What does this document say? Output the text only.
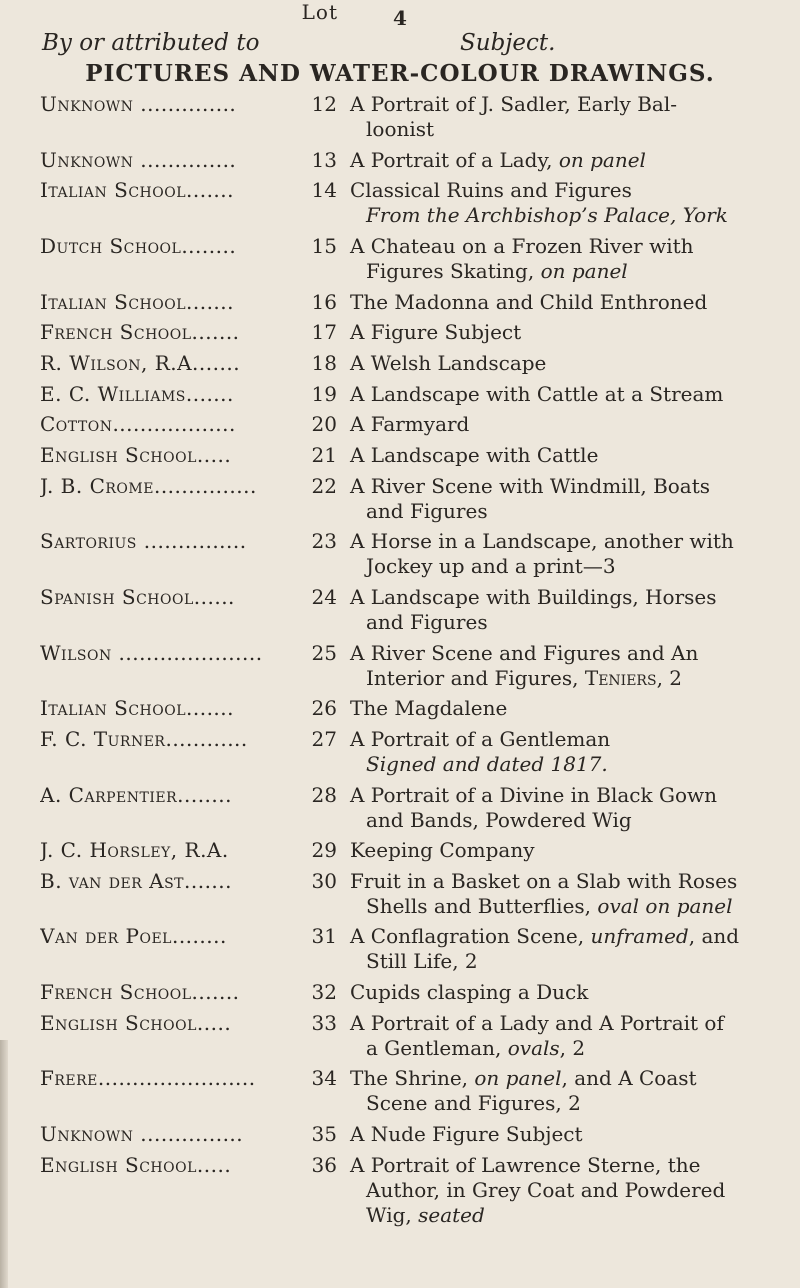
4
By or attributed to
Lot
Subject.
PICTURES AND WATER-COLOUR DRAWINGS.
Unknown ..............	12 A Portrait of J. Sadler, Early Bal-
loonist
Unknown ..............	13 A Portrait of a Lady, on panel
Italian School.......	14 Classical Ruins and Figures
From the Archbishop’s Palace, York
Dutch School........	15 A Chateau on a Frozen River with
Figures Skating, on panel
Italian School.......	16 The Madonna and Child Enthroned
French School.......	17 A Figure Subject
R. Wilson, R.A.......	18 A Welsh Landscape
E. C. Williams.......	19 A Landscape with Cattle at a Stream
Cotton..................	20 A Farmyard
English School.....	21 A Landscape with Cattle
J. B. Crome...............	22 A River Scene with Windmill, Boats
and Figures
Sartorius ...............	23 A Horse in a Landscape, another with
Jockey up and a print—3
Spanish School......	24 A Landscape with Buildings, Horses
and Figures
Wilson .....................	25 A River Scene and Figures and An
Interior and Figures, Teniers, 2
Italian School.......	26 The Magdalene
F. C. Turner............	27 A Portrait of a Gentleman
Signed and dated 1817.
A. Carpentier........	28 A Portrait of a Divine in Black Gown
and Bands, Powdered Wig
J. C. Horsley, R.A.	29 Keeping Company
B. van der Ast.......	30 Fruit in a Basket on a Slab with Roses
Shells and Butterflies, oval on panel
Van der Poel........	31 A Conflagration Scene, unframed, and
Still Life, 2
French School.......	32 Cupids clasping a Duck
English School.....	33 A Portrait of a Lady and A Portrait of
a Gentleman, ovals, 2
Frere.......................	34 The Shrine, on panel, and A Coast
Scene and Figures, 2
Unknown ...............	35 A Nude Figure Subject
English School.....	36 A Portrait of Lawrence Sterne, the
Author, in Grey Coat and Powdered
Wig, seated
